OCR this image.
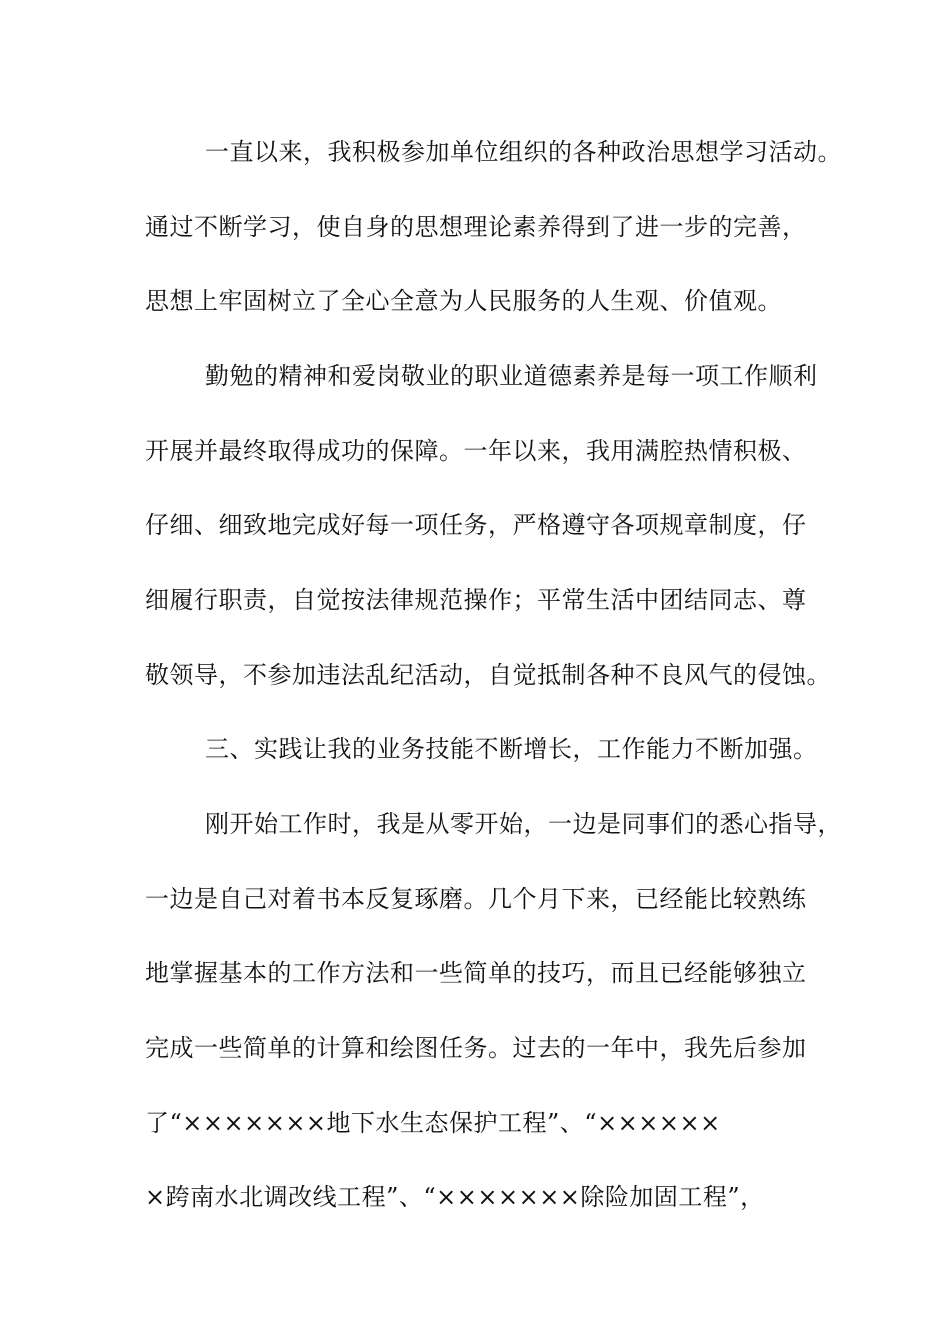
一直以来，我积极参加单位组织的各种政治思想学习活动。
通过不断学习，使自身的思想理论素养得到了进一步的完善，
思想上牢固树立了全心全意为人民服务的人生观、价值观。
勤勉的精神和爱岗敬业的职业道德素养是每一项工作顺利
开展并最终取得成功的保障。一年以来，我用满腔热情积极、
仔细、细致地完成好每一项任务，严格遵守各项规章制度，仔
细履行职责，自觉按法律规范操作；平常生活中团结同志、尊
敬领导，不参加违法乱纪活动，自觉抵制各种不良风气的侵蚀。
三、实践让我的业务技能不断增长，工作能力不断加强。
刚开始工作时，我是从零开始，一边是同事们的悉心指导，
一边是自己对着书本反复琢磨。几个月下来，已经能比较熟练
地掌握基本的工作方法和一些简单的技巧，而且已经能够独立
完成一些简单的计算和绘图任务。过去的一年中，我先后参加
了“×××××××地下水生态保护工程”、“××××××
×跨南水北调改线工程”、“×××××××除险加固工程”，
